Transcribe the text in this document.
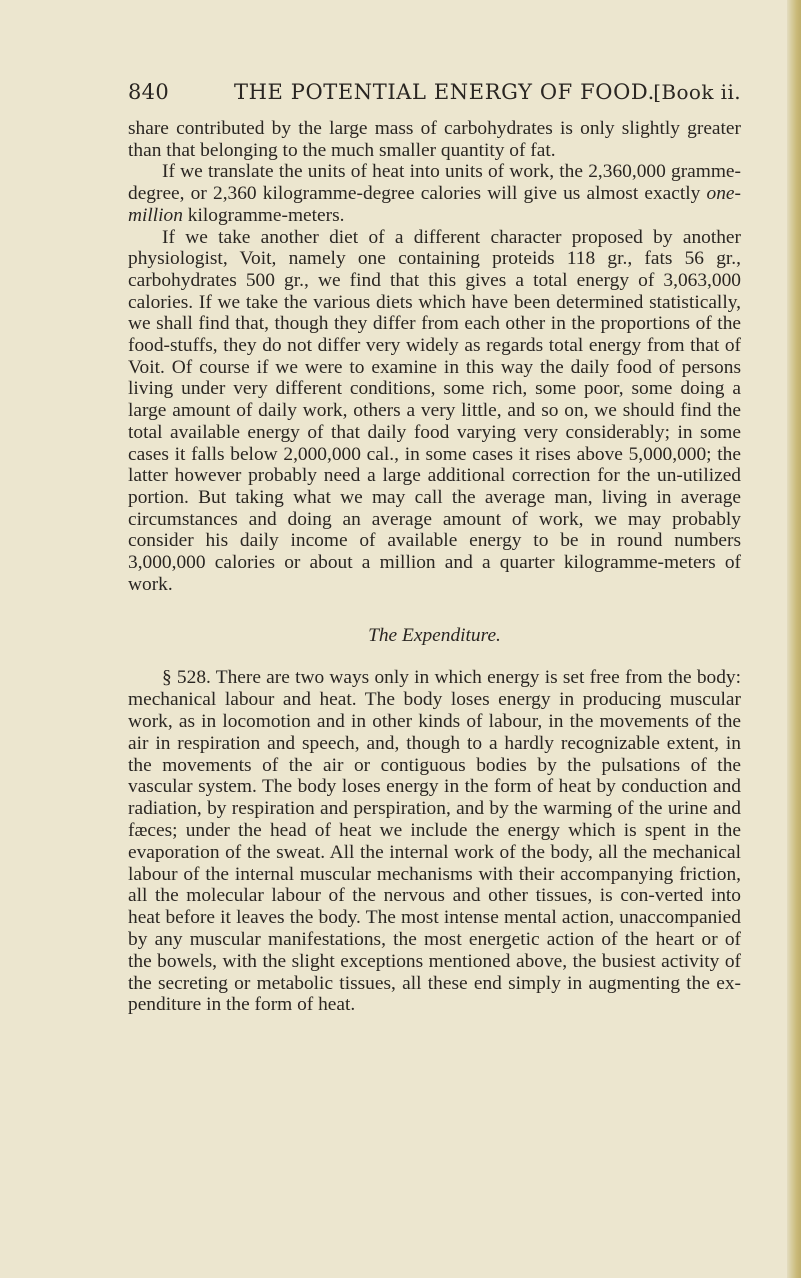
840	THE POTENTIAL ENERGY OF FOOD.
[Book ii.

share contributed by the large mass of carbohydrates is only slightly greater than that belonging to the much smaller quantity of fat.

If we translate the units of heat into units of work, the 2,360,000 gramme-degree, or 2,360 kilogramme-degree calories will give us almost exactly one-million kilogramme-meters.

If we take another diet of a different character proposed by another physiologist, Voit, namely one containing proteids 118 gr., fats 56 gr., carbohydrates 500 gr., we find that this gives a total energy of 3,063,000 calories. If we take the various diets which have been determined statistically, we shall find that, though they differ from each other in the proportions of the food-stuffs, they do not differ very widely as regards total energy from that of Voit. Of course if we were to examine in this way the daily food of persons living under very different conditions, some rich, some poor, some doing a large amount of daily work, others a very little, and so on, we should find the total available energy of that daily food varying very considerably; in some cases it falls below 2,000,000 cal., in some cases it rises above 5,000,000; the latter however probably need a large additional correction for the un-utilized portion. But taking what we may call the average man, living in average circumstances and doing an average amount of work, we may probably consider his daily income of available energy to be in round numbers 3,000,000 calories or about a million and a quarter kilogramme-meters of work.

The Expenditure.

§ 528. There are two ways only in which energy is set free from the body: mechanical labour and heat. The body loses energy in producing muscular work, as in locomotion and in other kinds of labour, in the movements of the air in respiration and speech, and, though to a hardly recognizable extent, in the movements of the air or contiguous bodies by the pulsations of the vascular system. The body loses energy in the form of heat by conduction and radiation, by respiration and perspiration, and by the warming of the urine and fæces; under the head of heat we include the energy which is spent in the evaporation of the sweat. All the internal work of the body, all the mechanical labour of the internal muscular mechanisms with their accompanying friction, all the molecular labour of the nervous and other tissues, is con-verted into heat before it leaves the body. The most intense mental action, unaccompanied by any muscular manifestations, the most energetic action of the heart or of the bowels, with the slight exceptions mentioned above, the busiest activity of the secreting or metabolic tissues, all these end simply in augmenting the ex-penditure in the form of heat.
